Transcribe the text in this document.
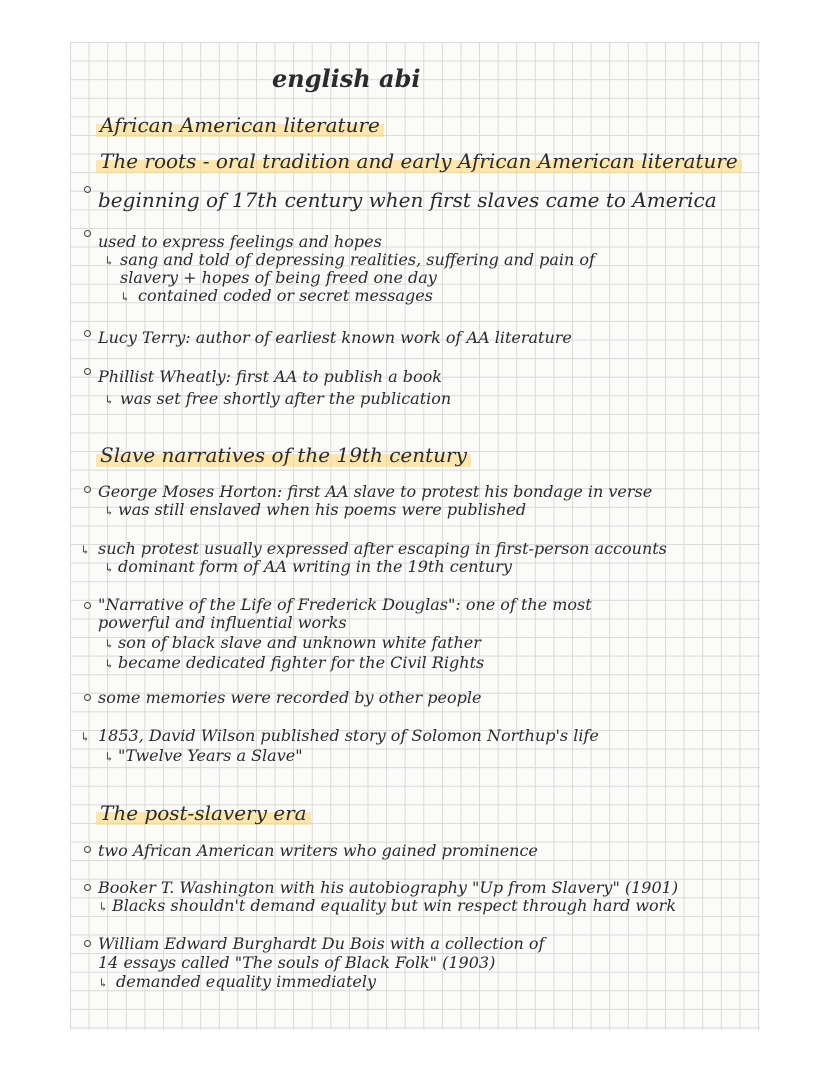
english abi
African American literature
The roots - oral tradition and early African American literature
beginning of 17th century when first slaves came to America
used to express feelings and hopes
↳ sang and told of depressing realities, suffering and pain of
slavery + hopes of being freed one day
↳ contained coded or secret messages
Lucy Terry: author of earliest known work of AA literature
Phillist Wheatly: first AA to publish a book
↳ was set free shortly after the publication
Slave narratives of the 19th century
George Moses Horton: first AA slave to protest his bondage in verse
↳ was still enslaved when his poems were published
↳ such protest usually expressed after escaping in first-person accounts
↳ dominant form of AA writing in the 19th century
"Narrative of the Life of Frederick Douglas": one of the most
powerful and influential works
↳ son of black slave and unknown white father
↳ became dedicated fighter for the Civil Rights
some memories were recorded by other people
↳ 1853, David Wilson published story of Solomon Northup's life
↳ "Twelve Years a Slave"
The post-slavery era
two African American writers who gained prominence
Booker T. Washington with his autobiography "Up from Slavery" (1901)
↳ Blacks shouldn't demand equality but win respect through hard work
William Edward Burghardt Du Bois with a collection of
14 essays called "The souls of Black Folk" (1903)
↳ demanded equality immediately
